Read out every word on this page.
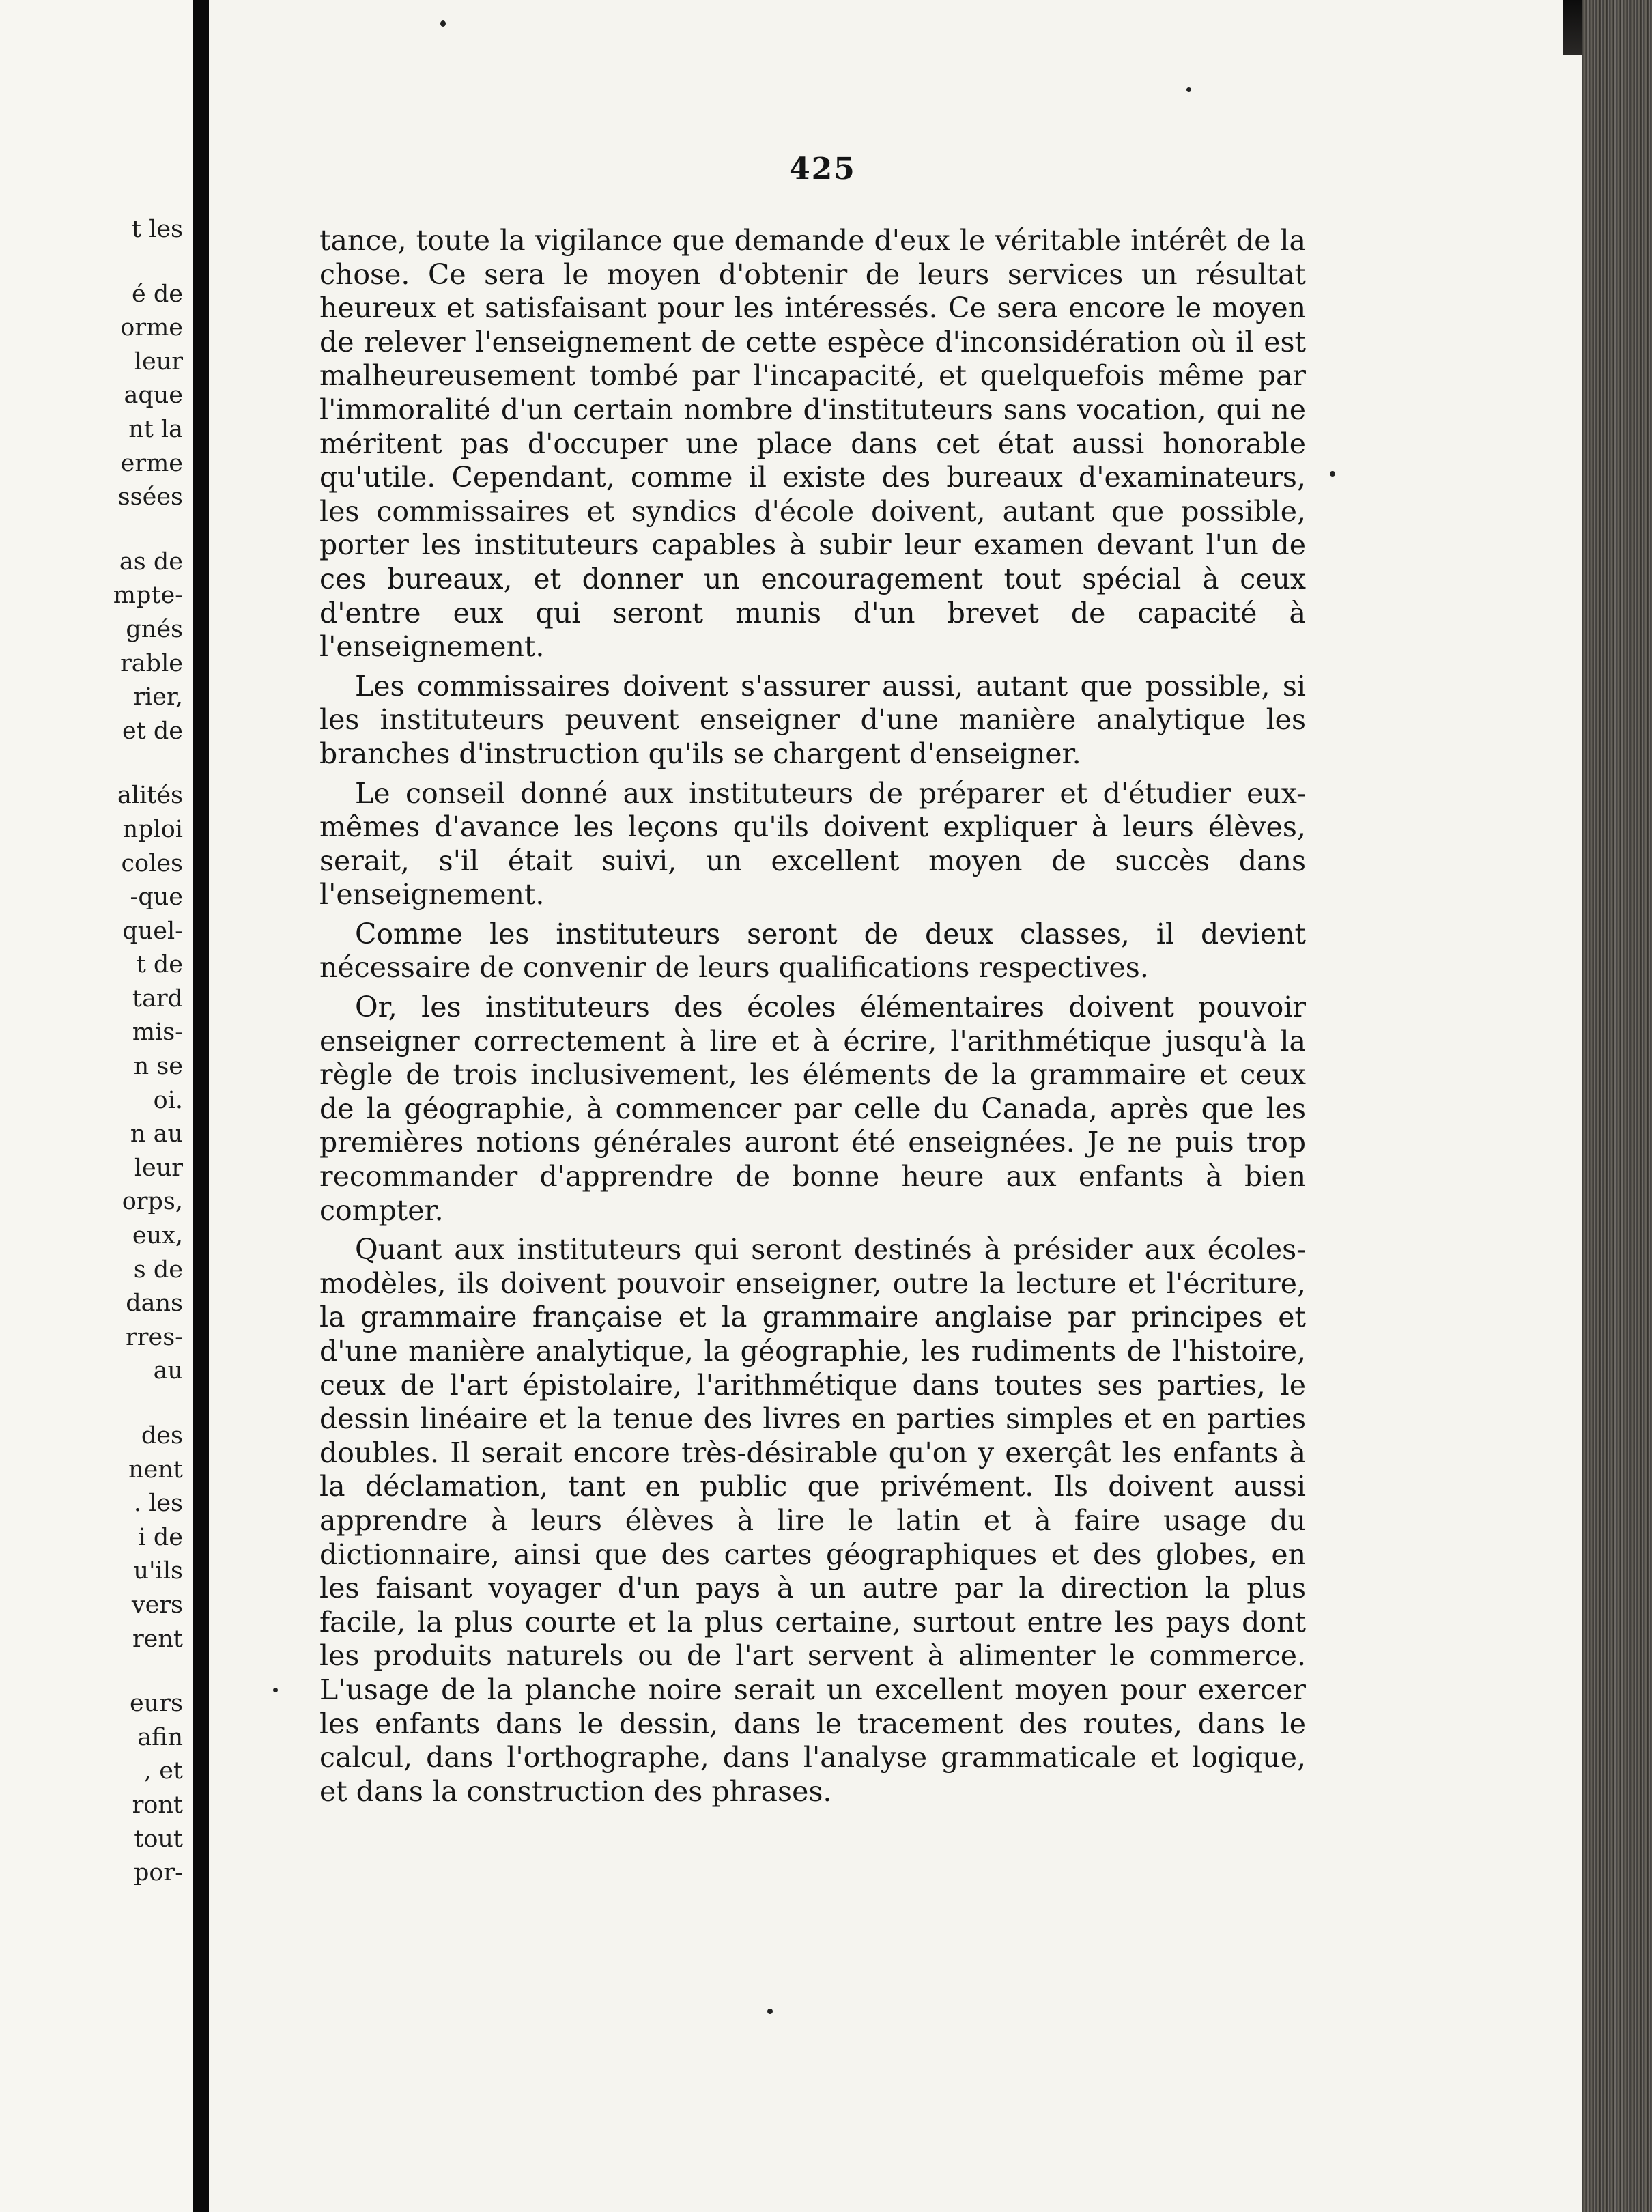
t les
é de
orme
leur
aque
nt la
erme
ssées
as de
mpte-
gnés
rable
rier,
et de
alités
nploi
coles
-que
quel-
t de
tard
mis-
n se
oi.
n au
leur
orps,
eux,
s de
dans
rres-
au
des
nent
. les
i de
u'ils
vers
rent
eurs
afin
, et
ront
tout
por-
425

tance, toute la vigilance que demande d'eux le véritable intérêt de la chose. Ce sera le moyen d'obtenir de leurs services un résultat heureux et satisfaisant pour les intéressés. Ce sera encore le moyen de relever l'enseignement de cette espèce d'inconsidération où il est malheureusement tombé par l'incapacité, et quelquefois même par l'immoralité d'un certain nombre d'instituteurs sans vocation, qui ne méritent pas d'occuper une place dans cet état aussi honorable qu'utile. Cependant, comme il existe des bureaux d'examinateurs, les commissaires et syndics d'école doivent, autant que possible, porter les instituteurs capables à subir leur examen devant l'un de ces bureaux, et donner un encouragement tout spécial à ceux d'entre eux qui seront munis d'un brevet de capacité à l'enseignement.

Les commissaires doivent s'assurer aussi, autant que possible, si les instituteurs peuvent enseigner d'une manière analytique les branches d'instruction qu'ils se chargent d'enseigner.

Le conseil donné aux instituteurs de préparer et d'étudier eux-mêmes d'avance les leçons qu'ils doivent expliquer à leurs élèves, serait, s'il était suivi, un excellent moyen de succès dans l'enseignement.

Comme les instituteurs seront de deux classes, il devient nécessaire de convenir de leurs qualifications respectives.

Or, les instituteurs des écoles élémentaires doivent pouvoir enseigner correctement à lire et à écrire, l'arithmétique jusqu'à la règle de trois inclusivement, les éléments de la grammaire et ceux de la géographie, à commencer par celle du Canada, après que les premières notions générales auront été enseignées. Je ne puis trop recommander d'apprendre de bonne heure aux enfants à bien compter.

Quant aux instituteurs qui seront destinés à présider aux écoles-modèles, ils doivent pouvoir enseigner, outre la lecture et l'écriture, la grammaire française et la grammaire anglaise par principes et d'une manière analytique, la géographie, les rudiments de l'histoire, ceux de l'art épistolaire, l'arithmétique dans toutes ses parties, le dessin linéaire et la tenue des livres en parties simples et en parties doubles. Il serait encore très-désirable qu'on y exerçât les enfants à la déclamation, tant en public que privément. Ils doivent aussi apprendre à leurs élèves à lire le latin et à faire usage du dictionnaire, ainsi que des cartes géographiques et des globes, en les faisant voyager d'un pays à un autre par la direction la plus facile, la plus courte et la plus certaine, surtout entre les pays dont les produits naturels ou de l'art servent à alimenter le commerce. L'usage de la planche noire serait un excellent moyen pour exercer les enfants dans le dessin, dans le tracement des routes, dans le calcul, dans l'orthographe, dans l'analyse grammaticale et logique, et dans la construction des phrases.
